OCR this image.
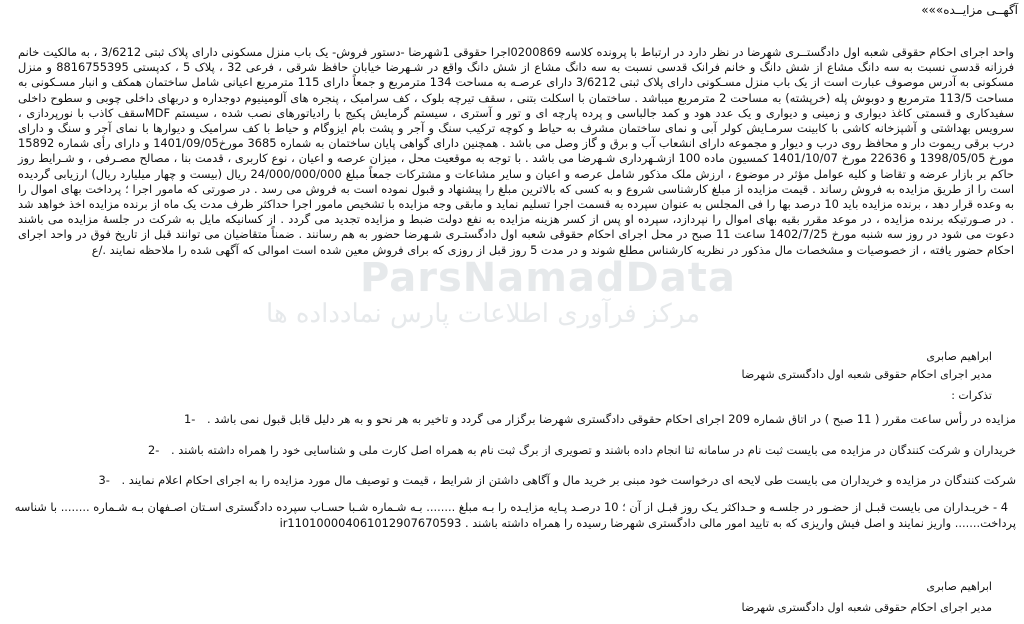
آگهــی مزایــده»»»
واحد اجرای احکام حقوقی شعبه اول دادگستــری شهرضا در نظر دارد در ارتباط با پرونده کلاسه 0200869اجرا حقوقی 1شهرضا -دستور فروش- یک باب منزل مسکونی دارای پلاک ثبتی 3/6212 ، به مالکیت خانم فرزانه قدسی نسبت به سه دانگ مشاع از شش دانگ و خانم فرانک قدسی نسبت به سه دانگ مشاع از شش دانگ واقع در شـهرضا خیابان حافظ شرقی ، فرعی 32 ، پلاک 5 ، کدپستی 8816755395 و منزل مسکونی به آدرس موصوف عبارت است از یک باب منزل مسـکونی دارای پلاک ثبتی 3/6212 دارای عرصـه به مساحت 134 مترمربع و جمعاً دارای 115 مترمربع اعیانی شامل ساختمان همکف و انبار مسـکونی به مساحت 113/5 مترمربع و دوبوش پله (خرپشته) به مساحت 2 مترمربع میباشد . ساختمان با اسکلت بتنی ، سقف تیرچه بلوک ، کف سرامیک ، پنجره های آلومینیوم دوجداره و دربهای داخلی چوبی و سطوح داخلی سفیدکاری و قسمتی کاغذ دیواری و زمینی و دیواری و یک عدد هود و کمد جالباسی و پرده پارچه ای و تور و آستری ، سیستم گرمایش پکیج با رادیاتورهای نصب شده ، سیستم MDFسقف کاذب با نورپردازی ، سرویس بهداشتی و آشپزخانه کاشی با کابینت سرمـایش کولر آبی و نمای ساختمان مشرف به حیاط و کوچه ترکیب سنگ و آجر و پشت بام ایزوگام و حیاط با کف سرامیک و دیوارها با نمای آجر و سنگ و دارای درب برقی ریموت دار و محافظ روی درب و دیوار و مجموعه دارای انشعاب آب و برق و گاز وصل می باشد . همچنین دارای گواهی پایان ساختمان به شماره 3685 مورخ1401/09/05 و دارای رأی شماره 15892 مورخ 1398/05/05 و 22636 مورخ 1401/10/07 کمسیون ماده 100 ازشـهرداری شـهرضا می باشد . با توجه به موقعیت محل ، میزان عرصه و اعیان ، نوع کاربری ، قدمت بنا ، مصالح مصـرفی ، و شـرایط روز حاکم بر بازار عرضه و تقاضا و کلیه عوامل مؤثر در موضوع ، ارزش ملک مذکور شامل عرصه و اعیان و سایر مشاعات و مشترکات جمعاً مبلغ 24/000/000/000 ریال (بیست و چهار میلیارد ریال) ارزیابی گردیده است را از طریق مزایده به فروش رساند . قیمت مزایده از مبلغ کارشناسی شروع و به کسی که بالاترین مبلغ را پیشنهاد و قبول نموده است به فروش می رسد . در صورتی که مامور اجرا ؛ پرداخت بهای اموال را به وعده قرار دهد ، برنده مزایده باید 10 درصد بها را فی المجلس به عنوان سپرده به قسمت اجرا تسلیم نماید و مابقی وجه مزایده با تشخیص مامور اجرا حداکثر ظرف مدت یک ماه از برنده مزایده اخذ خواهد شد . در صـورتیکه برنده مزایده ، در موعد مقرر بقیه بهای اموال را نپردازد، سپرده او پس از کسر هزینه مزایده به نفع دولت ضبط و مزایده تجدید می گردد . از کسانیکه مایل به شرکت در جلسهٔ مزایده می باشند دعوت می شود در روز سه شنبه مورخ 1402/7/25 ساعت 11 صبح در محل اجرای احکام حقوقی شعبه اول دادگستـری شـهرضا حضور به هم رسانند . ضمناً متقاضیان می توانند قبل از تاریخ فوق در واحد اجرای احکام حضور یافته ، از خصوصیات و مشخصات مال مذکور در نظریه کارشناس مطلع شوند و در مدت 5 روز قبل از روزی که برای فروش معین شده است اموالی که آگهی شده را ملاحظه نمایند ./ع
ParsNamadData
مرکز فرآوری اطلاعات پارس نمادداده ها
ابراهیم صابری
مدیر اجرای احکام حقوقی شعبه اول دادگستری شهرضا
تذکرات :
مزایده در رأس ساعت مقرر ( 11 صبح ) در اتاق شماره 209 اجرای احکام حقوقی دادگستری شهرضا برگزار می گردد و تاخیر به هر نحو و به هر دلیل قابل قبول نمی باشد . -1
خریداران و شرکت کنندگان در مزایده می بایست ثبت نام در سامانه ثنا انجام داده باشند و تصویری از برگ ثبت نام به همراه اصل کارت ملی و شناسایی خود را همراه داشته باشند . -2
شرکت کنندگان در مزایده و خریداران می بایست طی لایحه ای درخواست خود مبنی بر خرید مال و آگاهی داشتن از شرایط ، قیمت و توصیف مال مورد مزایده را به اجرای احکام اعلام نمایند . -3
4 - خریـداران می بایست قبـل از حضـور در جلسـه و حـداکثر یـک روز قبـل از آن ؛ 10 درصـد پـایه مزایـده را بـه مبلغ ........ بـه شـماره شـبا حسـاب سپرده دادگستری اسـتان اصـفهان بـه شـماره ........ با شناسه پرداخت....... واریز نمایند و اصل فیش واریزی که به تایید امور مالی دادگستری شهرضا رسیده را همراه داشته باشند . ir110100004061012907670593
ابراهیم صابری
مدیر اجرای احکام حقوقی شعبه اول دادگستری شهرضا
